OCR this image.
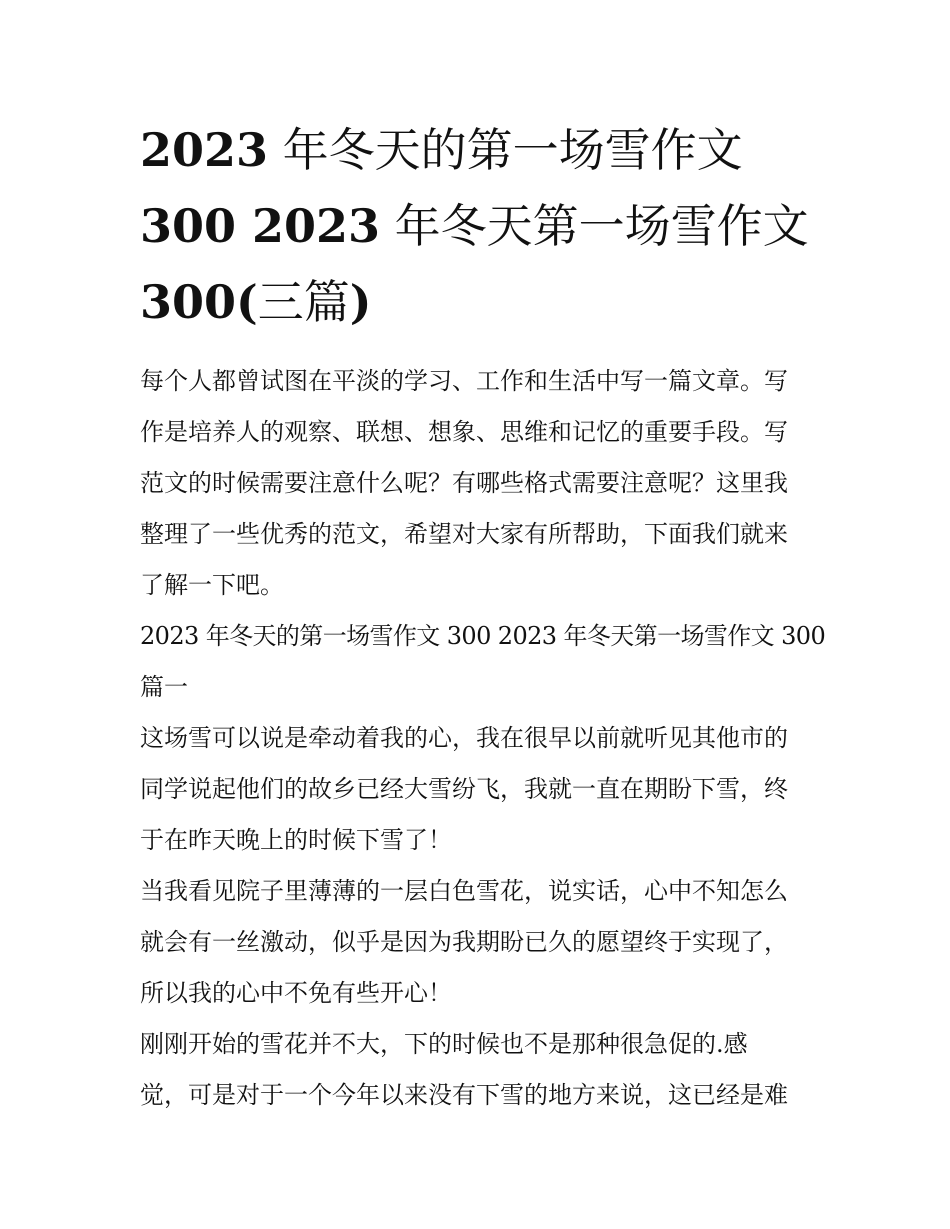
2023 年冬天的第一场雪作文
300 2023 年冬天第一场雪作文
300(三篇)

每个人都曾试图在平淡的学习、工作和生活中写一篇文章。写
作是培养人的观察、联想、想象、思维和记忆的重要手段。写
范文的时候需要注意什么呢？有哪些格式需要注意呢？这里我
整理了一些优秀的范文，希望对大家有所帮助，下面我们就来
了解一下吧。

2023 年冬天的第一场雪作文 300 2023 年冬天第一场雪作文 300
篇一

这场雪可以说是牵动着我的心，我在很早以前就听见其他市的
同学说起他们的故乡已经大雪纷飞，我就一直在期盼下雪，终
于在昨天晚上的时候下雪了！

当我看见院子里薄薄的一层白色雪花，说实话，心中不知怎么
就会有一丝激动，似乎是因为我期盼已久的愿望终于实现了，
所以我的心中不免有些开心！

刚刚开始的雪花并不大，下的时候也不是那种很急促的.感
觉，可是对于一个今年以来没有下雪的地方来说，这已经是难
